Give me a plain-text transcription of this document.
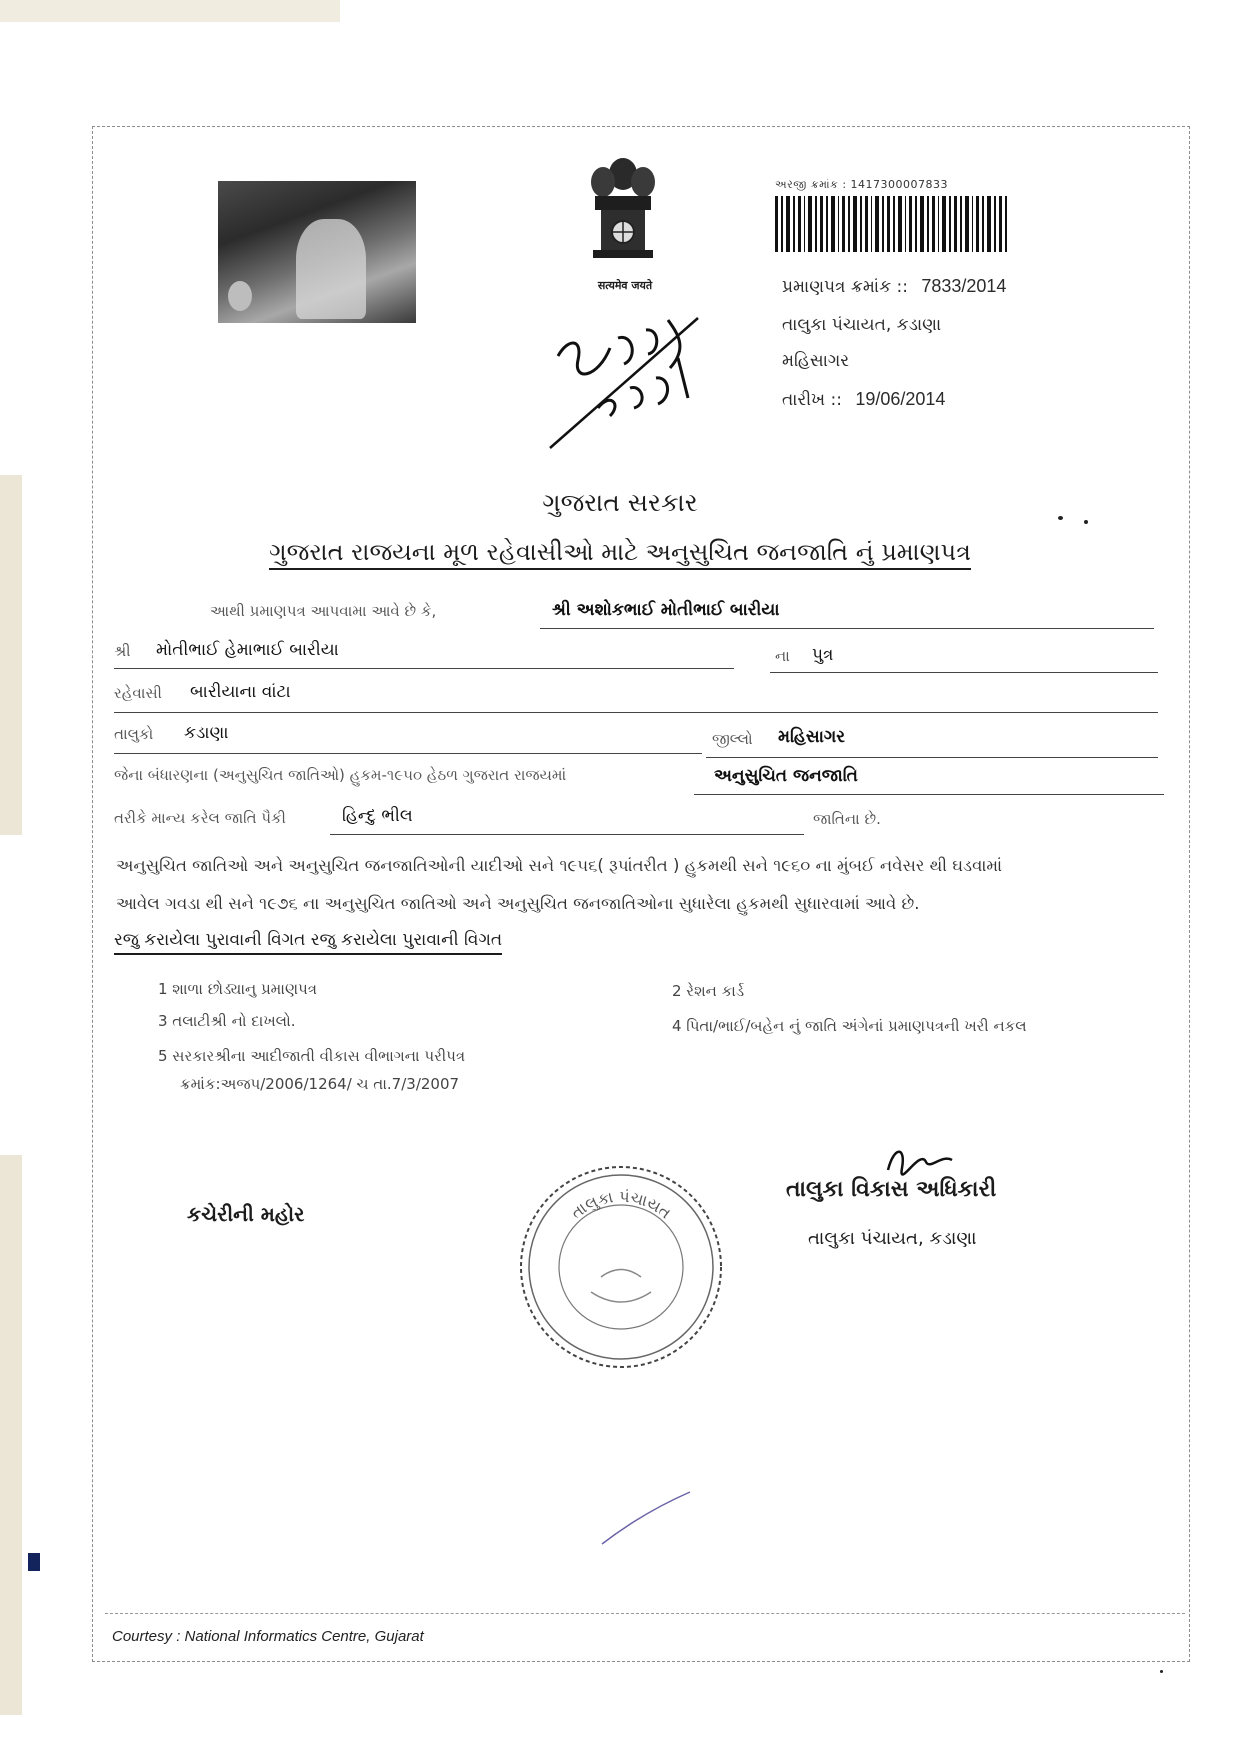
सत्यमेव जयते
અરજી ક્રમાંક : 1417300007833
પ્રમાણપત્ર ક્રમાંક :: 7833/2014
તાલુકા પંચાયત, કડાણા
મહિસાગર
તારીખ :: 19/06/2014
ગુજરાત સરકાર
ગુજરાત રાજયના મૂળ રહેવાસીઓ માટે અનુસુચિત જનજાતિ નું પ્રમાણપત્ર
આથી પ્રમાણપત્ર આપવામા આવે છે કે,	શ્રી અશોકભાઈ મોતીભાઈ બારીયા
શ્રી મોતીભાઈ હેમાભાઈ બારીયા	ના પુત્ર
રહેવાસી બારીયાના વાંટા
તાલુકો કડાણા	જીલ્લો મહિસાગર
જેના બંધારણના (અનુસુચિત જાતિઓ) હુકમ-૧૯૫૦ હેઠળ ગુજરાત રાજયમાં	અનુસુચિત જનજાતિ
તરીકે માન્ય કરેલ જાતિ પૈકી	હિન્દુ ભીલ	જાતિના છે.
અનુસુચિત જાતિઓ અને અનુસુચિત જનજાતિઓની યાદીઓ સને ૧૯૫૬( રૂપાંતરીત ) હુકમથી સને ૧૯૬૦ ના મુંબઈ નવેસર થી ઘડવામાં
આવેલ ગવડા થી સને ૧૯૭૬ ના અનુસુચિત જાતિઓ અને અનુસુચિત જનજાતિઓના સુધારેલા હુકમથી સુધારવામાં આવે છે.
રજુ કરાયેલા પુરાવાની વિગત રજુ કરાયેલા પુરાવાની વિગત
1 શાળા છોડ્યાનુ પ્રમાણપત્ર	2 રેશન કાર્ડ
3 તલાટીશ્રી નો દાખલો.	4 પિતા/ભાઈ/બહેન નું જાતિ અંગેનાં પ્રમાણપત્રની ખરી નકલ
5 સરકારશ્રીના આદીજાતી વીકાસ વીભાગના પરીપત્ર
ક્રમાંક:અજપ/2006/1264/ ચ તા.7/3/2007
કચેરીની મહોર	તાલુકા પંચાયત
તાલુકા વિકાસ અધિકારી
તાલુકા પંચાયત, કડાણા
Courtesy : National Informatics Centre, Gujarat
